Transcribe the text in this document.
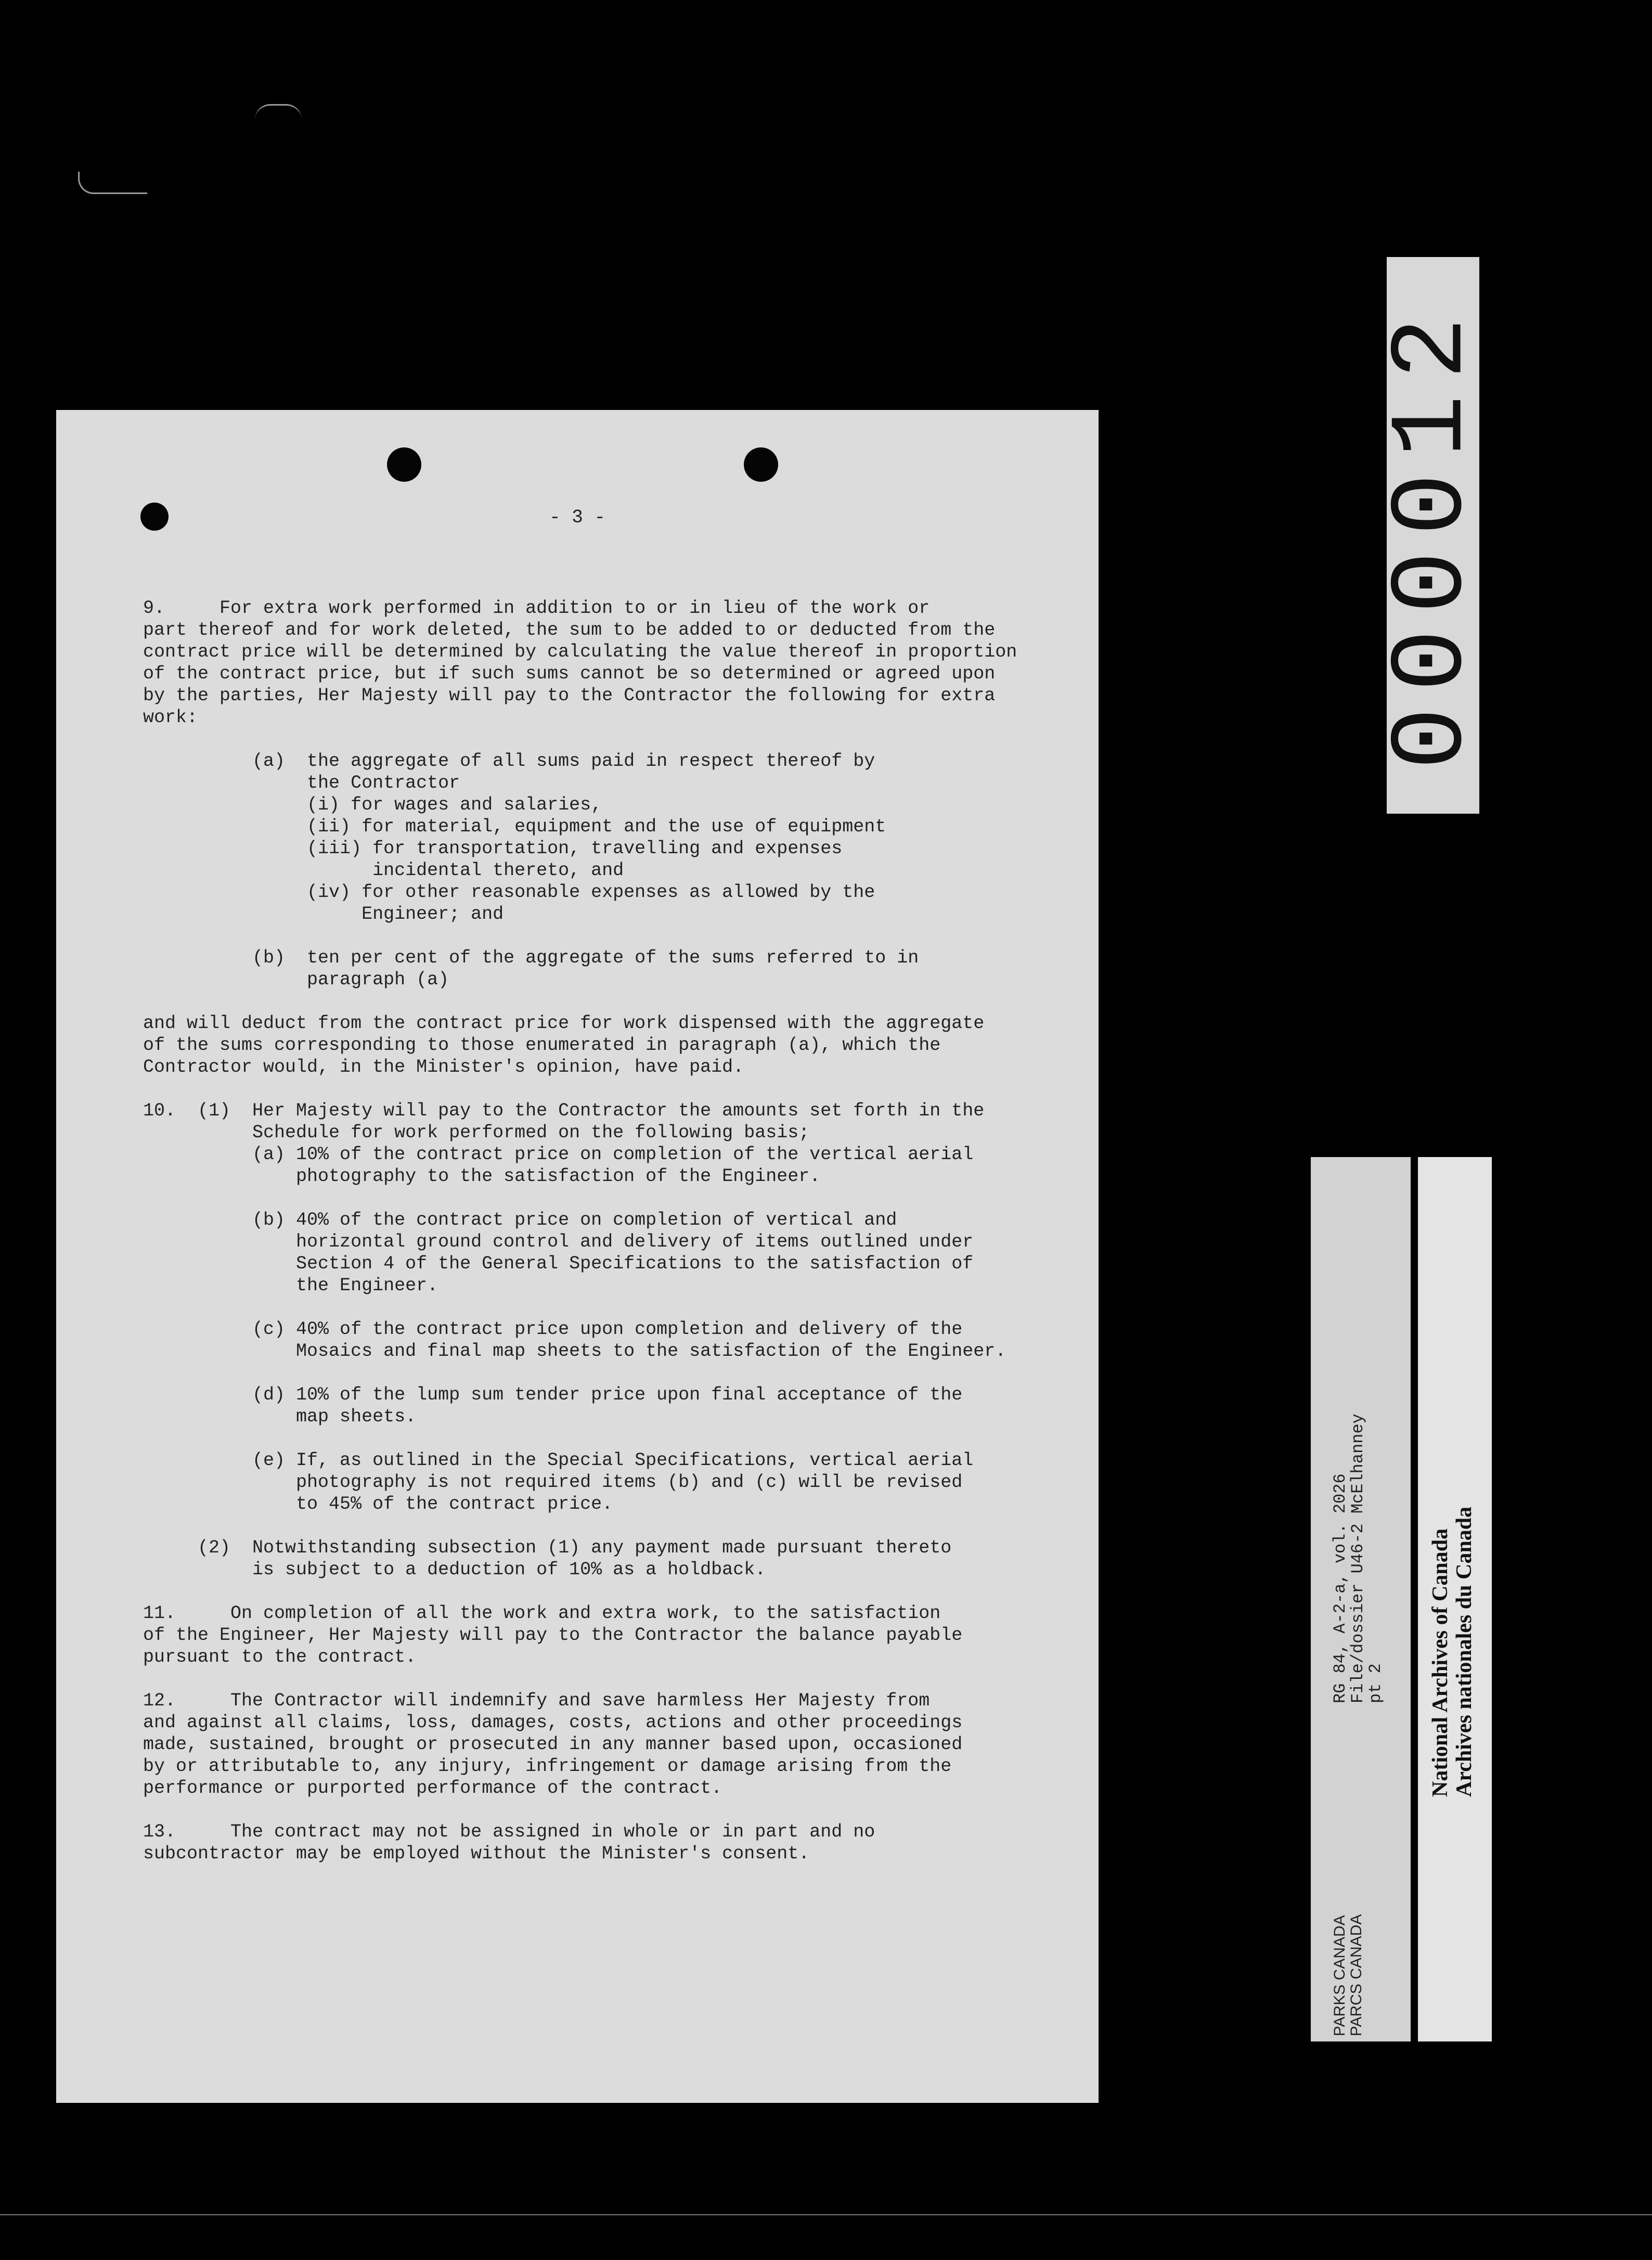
000012
- 3 -
9.     For extra work performed in addition to or in lieu of the work or
part thereof and for work deleted, the sum to be added to or deducted from the
contract price will be determined by calculating the value thereof in proportion
of the contract price, but if such sums cannot be so determined or agreed upon
by the parties, Her Majesty will pay to the Contractor the following for extra
work:
(a)  the aggregate of all sums paid in respect thereof by
the Contractor
(i) for wages and salaries,
(ii) for material, equipment and the use of equipment
(iii) for transportation, travelling and expenses
incidental thereto, and
(iv) for other reasonable expenses as allowed by the
Engineer; and
(b)  ten per cent of the aggregate of the sums referred to in
paragraph (a)
and will deduct from the contract price for work dispensed with the aggregate
of the sums corresponding to those enumerated in paragraph (a), which the
Contractor would, in the Minister's opinion, have paid.
10.  (1)  Her Majesty will pay to the Contractor the amounts set forth in the
Schedule for work performed on the following basis;
(a) 10% of the contract price on completion of the vertical aerial
photography to the satisfaction of the Engineer.
(b) 40% of the contract price on completion of vertical and
horizontal ground control and delivery of items outlined under
Section 4 of the General Specifications to the satisfaction of
the Engineer.
(c) 40% of the contract price upon completion and delivery of the
Mosaics and final map sheets to the satisfaction of the Engineer.
(d) 10% of the lump sum tender price upon final acceptance of the
map sheets.
(e) If, as outlined in the Special Specifications, vertical aerial
photography is not required items (b) and (c) will be revised
to 45% of the contract price.
(2)  Notwithstanding subsection (1) any payment made pursuant thereto
is subject to a deduction of 10% as a holdback.
11.     On completion of all the work and extra work, to the satisfaction
of the Engineer, Her Majesty will pay to the Contractor the balance payable
pursuant to the contract.
12.     The Contractor will indemnify and save harmless Her Majesty from
and against all claims, loss, damages, costs, actions and other proceedings
made, sustained, brought or prosecuted in any manner based upon, occasioned
by or attributable to, any injury, infringement or damage arising from the
performance or purported performance of the contract.
13.     The contract may not be assigned in whole or in part and no
subcontractor may be employed without the Minister's consent.
RG 84, A-2-a, vol. 2026
File/dossier U46-2 McElhanney
pt 2
PARKS CANADA PARCS CANADA
National Archives of Canada Archives nationales du Canada
